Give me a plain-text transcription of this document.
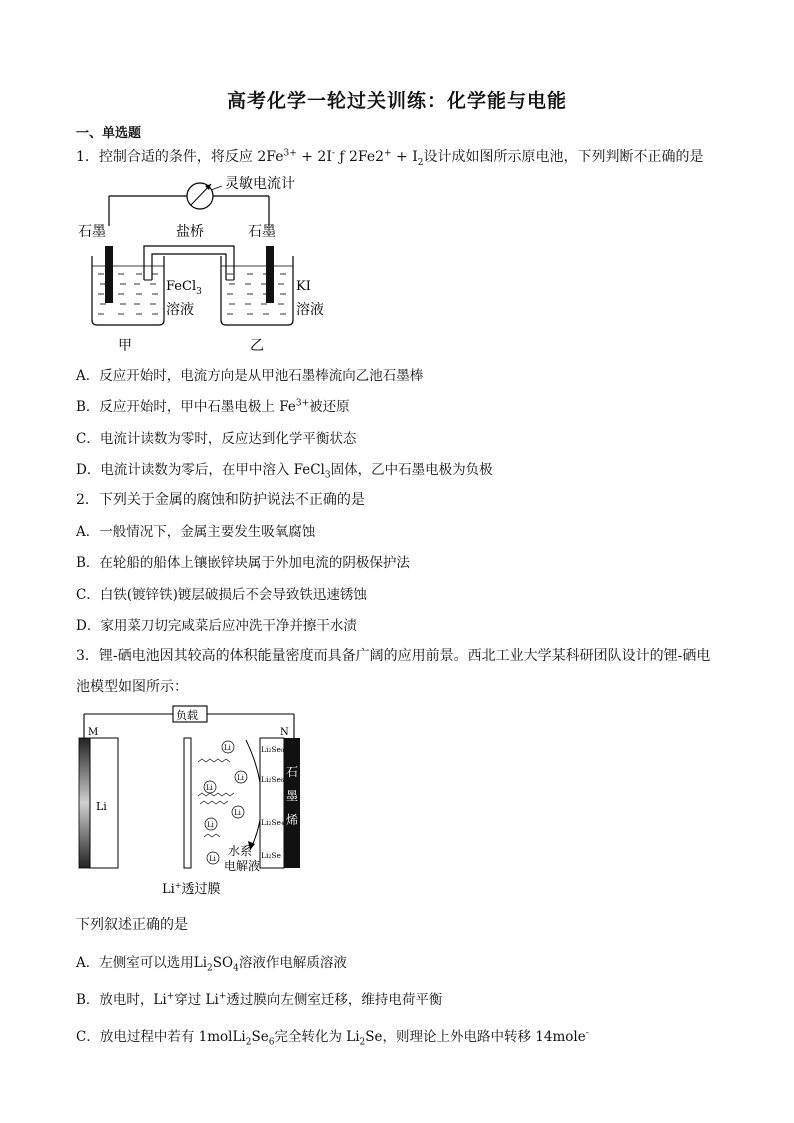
高考化学一轮过关训练：化学能与电能
一、单选题
1．控制合适的条件，将反应 $2Fe^{3+} + 2I^-$ ƒ $2Fe2^+ + I_2$设计成如图所示原电池，下列判断不正确的是
灵敏电流计
石墨	石墨
盐桥
FeCl$_3$
溶液
KI
溶液
甲	乙
A．反应开始时，电流方向是从甲池石墨棒流向乙池石墨棒
B．反应开始时，甲中石墨电极上 $Fe^{3+}$被还原
C．电流计读数为零时，反应达到化学平衡状态
D．电流计读数为零后，在甲中溶入 FeCl$_3$固体，乙中石墨电极为负极
2．下列关于金属的腐蚀和防护说法不正确的是
A．一般情况下，金属主要发生吸氧腐蚀
B．在轮船的船体上镶嵌锌块属于外加电流的阴极保护法
C．白铁(镀锌铁)镀层破损后不会导致铁迅速锈蚀
D．家用菜刀切完咸菜后应冲洗干净并擦干水渍
3．锂-硒电池因其较高的体积能量密度而具备广阔的应用前景。西北工业大学某科研团队设计的锂-硒电
池模型如图所示：
负载
M	N
Li
Li
Li
Li
Li
Li
Li
Li₂Se₈
Li₂Se₆
Li₂Se₄
Li₂Se
石
墨
烯
水系
电解液
Li+透过膜
下列叙述正确的是
A．左侧室可以选用$Li_2SO_4$溶液作电解质溶液
B．放电时，Li+穿过 Li+透过膜向左侧室迁移，维持电荷平衡
C．放电过程中若有 $1molLi_2Se_6$完全转化为 $Li_2Se$，则理论上外电路中转移 14mole-
